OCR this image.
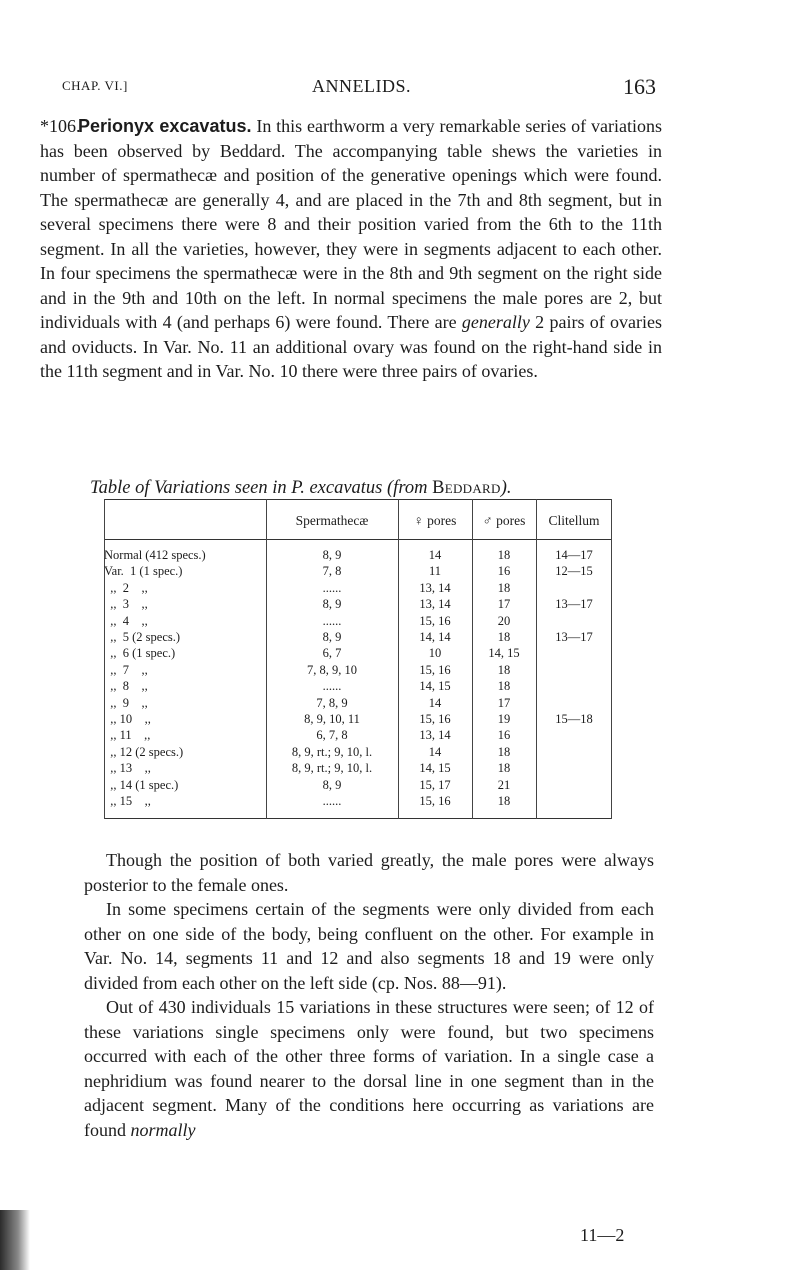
CHAP. VI.]	ANNELIDS.	163

*106.Perionyx excavatus. In this earthworm a very remarkable series of variations has been observed by Beddard. The accompanying table shews the varieties in number of spermathecæ and position of the generative openings which were found. The spermathecæ are generally 4, and are placed in the 7th and 8th segment, but in several specimens there were 8 and their position varied from the 6th to the 11th segment. In all the varieties, however, they were in segments adjacent to each other. In four specimens the spermathecæ were in the 8th and 9th segment on the right side and in the 9th and 10th on the left. In normal specimens the male pores are 2, but individuals with 4 (and perhaps 6) were found. There are generally 2 pairs of ovaries and oviducts. In Var. No. 11 an additional ovary was found on the right-hand side in the 11th segment and in Var. No. 10 there were three pairs of ovaries.

Table of Variations seen in P. excavatus (from Beddard).
Spermathecæ	♀ pores	♂ pores	Clitellum
Normal (412 specs.)	8, 9	14	18	14—17
Var.  1 (1 spec.)	7, 8	11	16	12—15
,,  2    ,,	......	13, 14	18
,,  3    ,,	8, 9	13, 14	17	13—17
,,  4    ,,	......	15, 16	20
,,  5 (2 specs.)	8, 9	14, 14	18	13—17
,,  6 (1 spec.)	6, 7	10	14, 15
,,  7    ,,	7, 8, 9, 10	15, 16	18
,,  8    ,,	......	14, 15	18
,,  9    ,,	7, 8, 9	14	17
,, 10    ,,	8, 9, 10, 11	15, 16	19	15—18
,, 11    ,,	6, 7, 8	13, 14	16
,, 12 (2 specs.)	8, 9, rt.; 9, 10, l.	14	18
,, 13    ,,	8, 9, rt.; 9, 10, l.	14, 15	18
,, 14 (1 spec.)	8, 9	15, 17	21
,, 15    ,,	......	15, 16	18

Though the position of both varied greatly, the male pores were always posterior to the female ones.

In some specimens certain of the segments were only divided from each other on one side of the body, being confluent on the other. For example in Var. No. 14, segments 11 and 12 and also segments 18 and 19 were only divided from each other on the left side (cp. Nos. 88—91).

Out of 430 individuals 15 variations in these structures were seen; of 12 of these variations single specimens only were found, but two specimens occurred with each of the other three forms of variation. In a single case a nephridium was found nearer to the dorsal line in one segment than in the adjacent segment. Many of the conditions here occurring as variations are found normally

11—2
